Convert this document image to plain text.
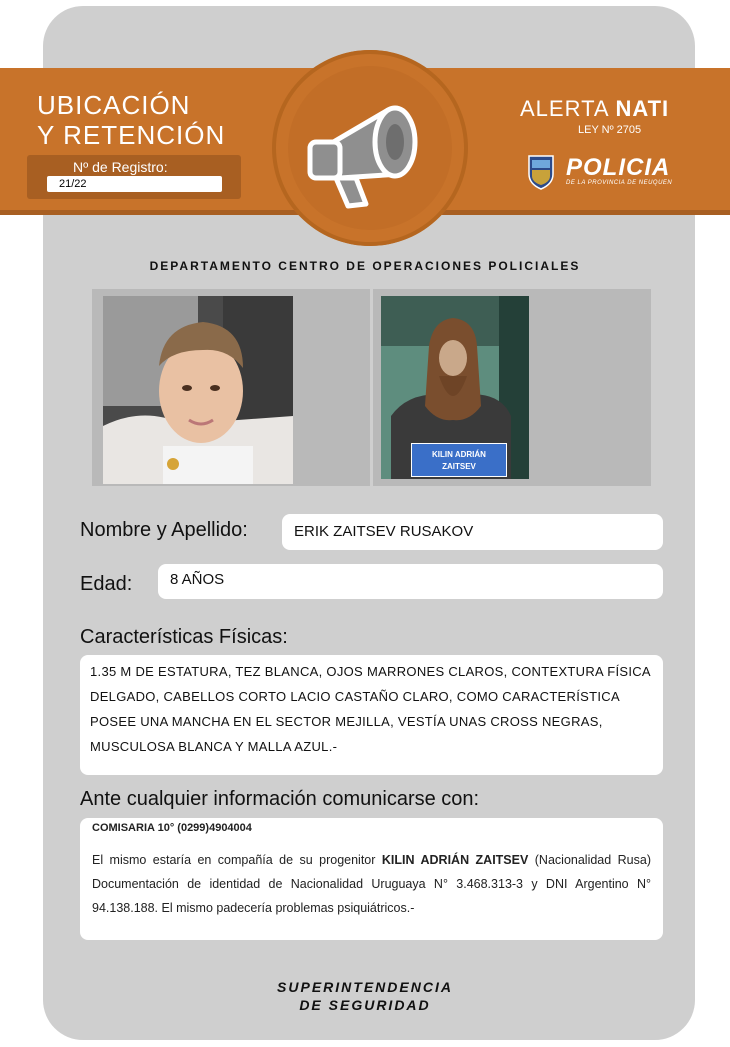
UBICACIÓN
Y RETENCIÓN
Nº de Registro:
21/22
ALERTA NATI
LEY Nº 2705
POLICIA
DE LA PROVINCIA DE NEUQUEN
DEPARTAMENTO CENTRO DE OPERACIONES POLICIALES
KILIN ADRIÁN
ZAITSEV
Nombre y Apellido:	ERIK ZAITSEV RUSAKOV
Edad:	8 AÑOS
Características Físicas:
1.35 M DE ESTATURA, TEZ BLANCA, OJOS MARRONES CLAROS, CONTEXTURA FÍSICA DELGADO, CABELLOS CORTO LACIO CASTAÑO CLARO, COMO CARACTERÍSTICA POSEE UNA MANCHA EN EL SECTOR MEJILLA, VESTÍA UNAS CROSS NEGRAS, MUSCULOSA BLANCA Y MALLA AZUL.-
Ante cualquier información comunicarse con:

COMISARIA 10° (0299)4904004

El mismo estaría en compañía de su progenitor KILIN ADRIÁN ZAITSEV (Nacionalidad Rusa) Documentación de identidad de Nacionalidad Uruguaya N° 3.468.313-3 y DNI Argentino N° 94.138.188. El mismo padecería problemas psiquiátricos.-

SUPERINTENDENCIA
DE SEGURIDAD
